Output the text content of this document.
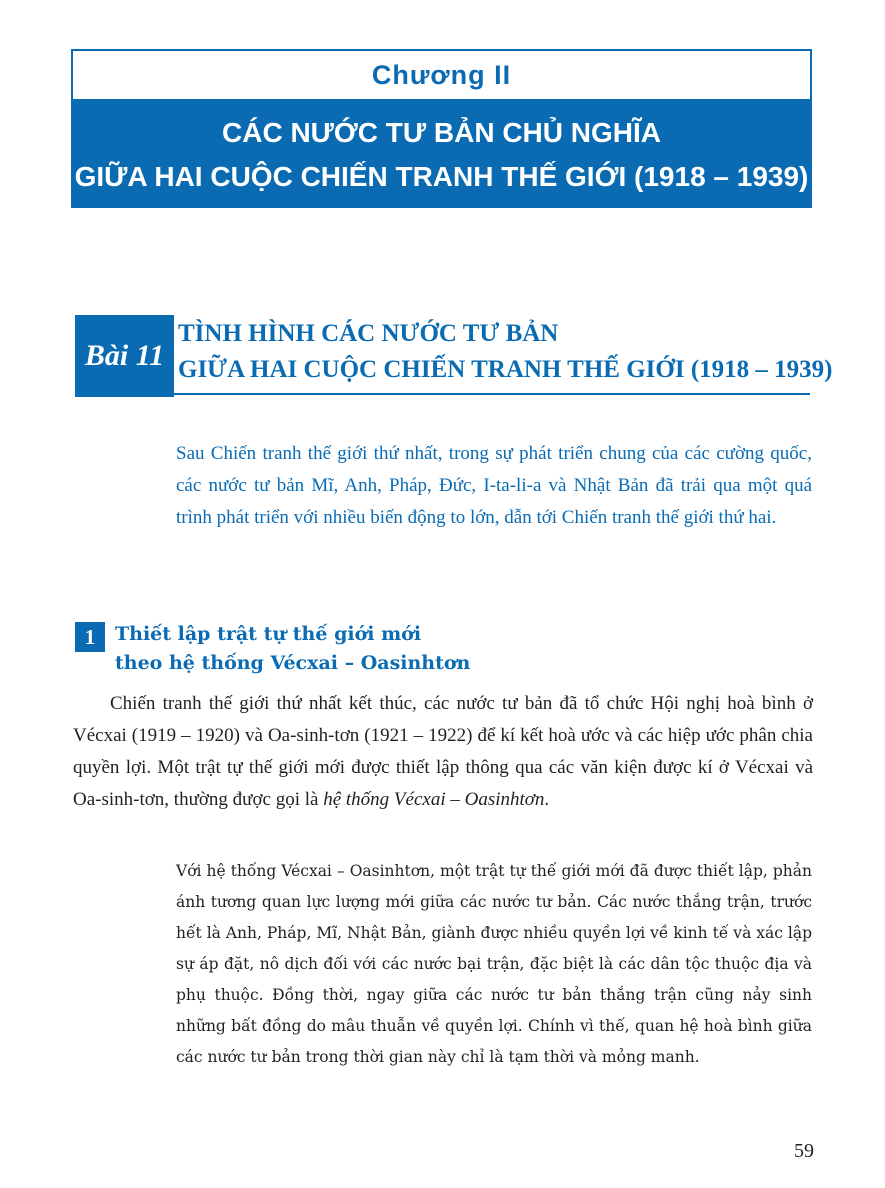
Chương II
CÁC NƯỚC TƯ BẢN CHỦ NGHĨA
GIỮA HAI CUỘC CHIẾN TRANH THẾ GIỚI (1918 – 1939)
Bài 11
TÌNH HÌNH CÁC NƯỚC TƯ BẢN
GIỮA HAI CUỘC CHIẾN TRANH THẾ GIỚI (1918 – 1939)
Sau Chiến tranh thế giới thứ nhất, trong sự phát triển chung của các cường quốc, các nước tư bản Mĩ, Anh, Pháp, Đức, I-ta-li-a và Nhật Bản đã trải qua một quá trình phát triển với nhiều biến động to lớn, dẫn tới Chiến tranh thế giới thứ hai.
1	Thiết lập trật tự thế giới mới
theo hệ thống Vécxai – Oasinhtơn

Chiến tranh thế giới thứ nhất kết thúc, các nước tư bản đã tổ chức Hội nghị hoà bình ở Vécxai (1919 – 1920) và Oa-sinh-tơn (1921 – 1922) để kí kết hoà ước và các hiệp ước phân chia quyền lợi. Một trật tự thế giới mới được thiết lập thông qua các văn kiện được kí ở Vécxai và Oa-sinh-tơn, thường được gọi là hệ thống Vécxai – Oasinhtơn.

Với hệ thống Vécxai – Oasinhtơn, một trật tự thế giới mới đã được thiết lập, phản ánh tương quan lực lượng mới giữa các nước tư bản. Các nước thắng trận, trước hết là Anh, Pháp, Mĩ, Nhật Bản, giành được nhiều quyền lợi về kinh tế và xác lập sự áp đặt, nô dịch đối với các nước bại trận, đặc biệt là các dân tộc thuộc địa và phụ thuộc. Đồng thời, ngay giữa các nước tư bản thắng trận cũng nảy sinh những bất đồng do mâu thuẫn về quyền lợi. Chính vì thế, quan hệ hoà bình giữa các nước tư bản trong thời gian này chỉ là tạm thời và mỏng manh.
59
